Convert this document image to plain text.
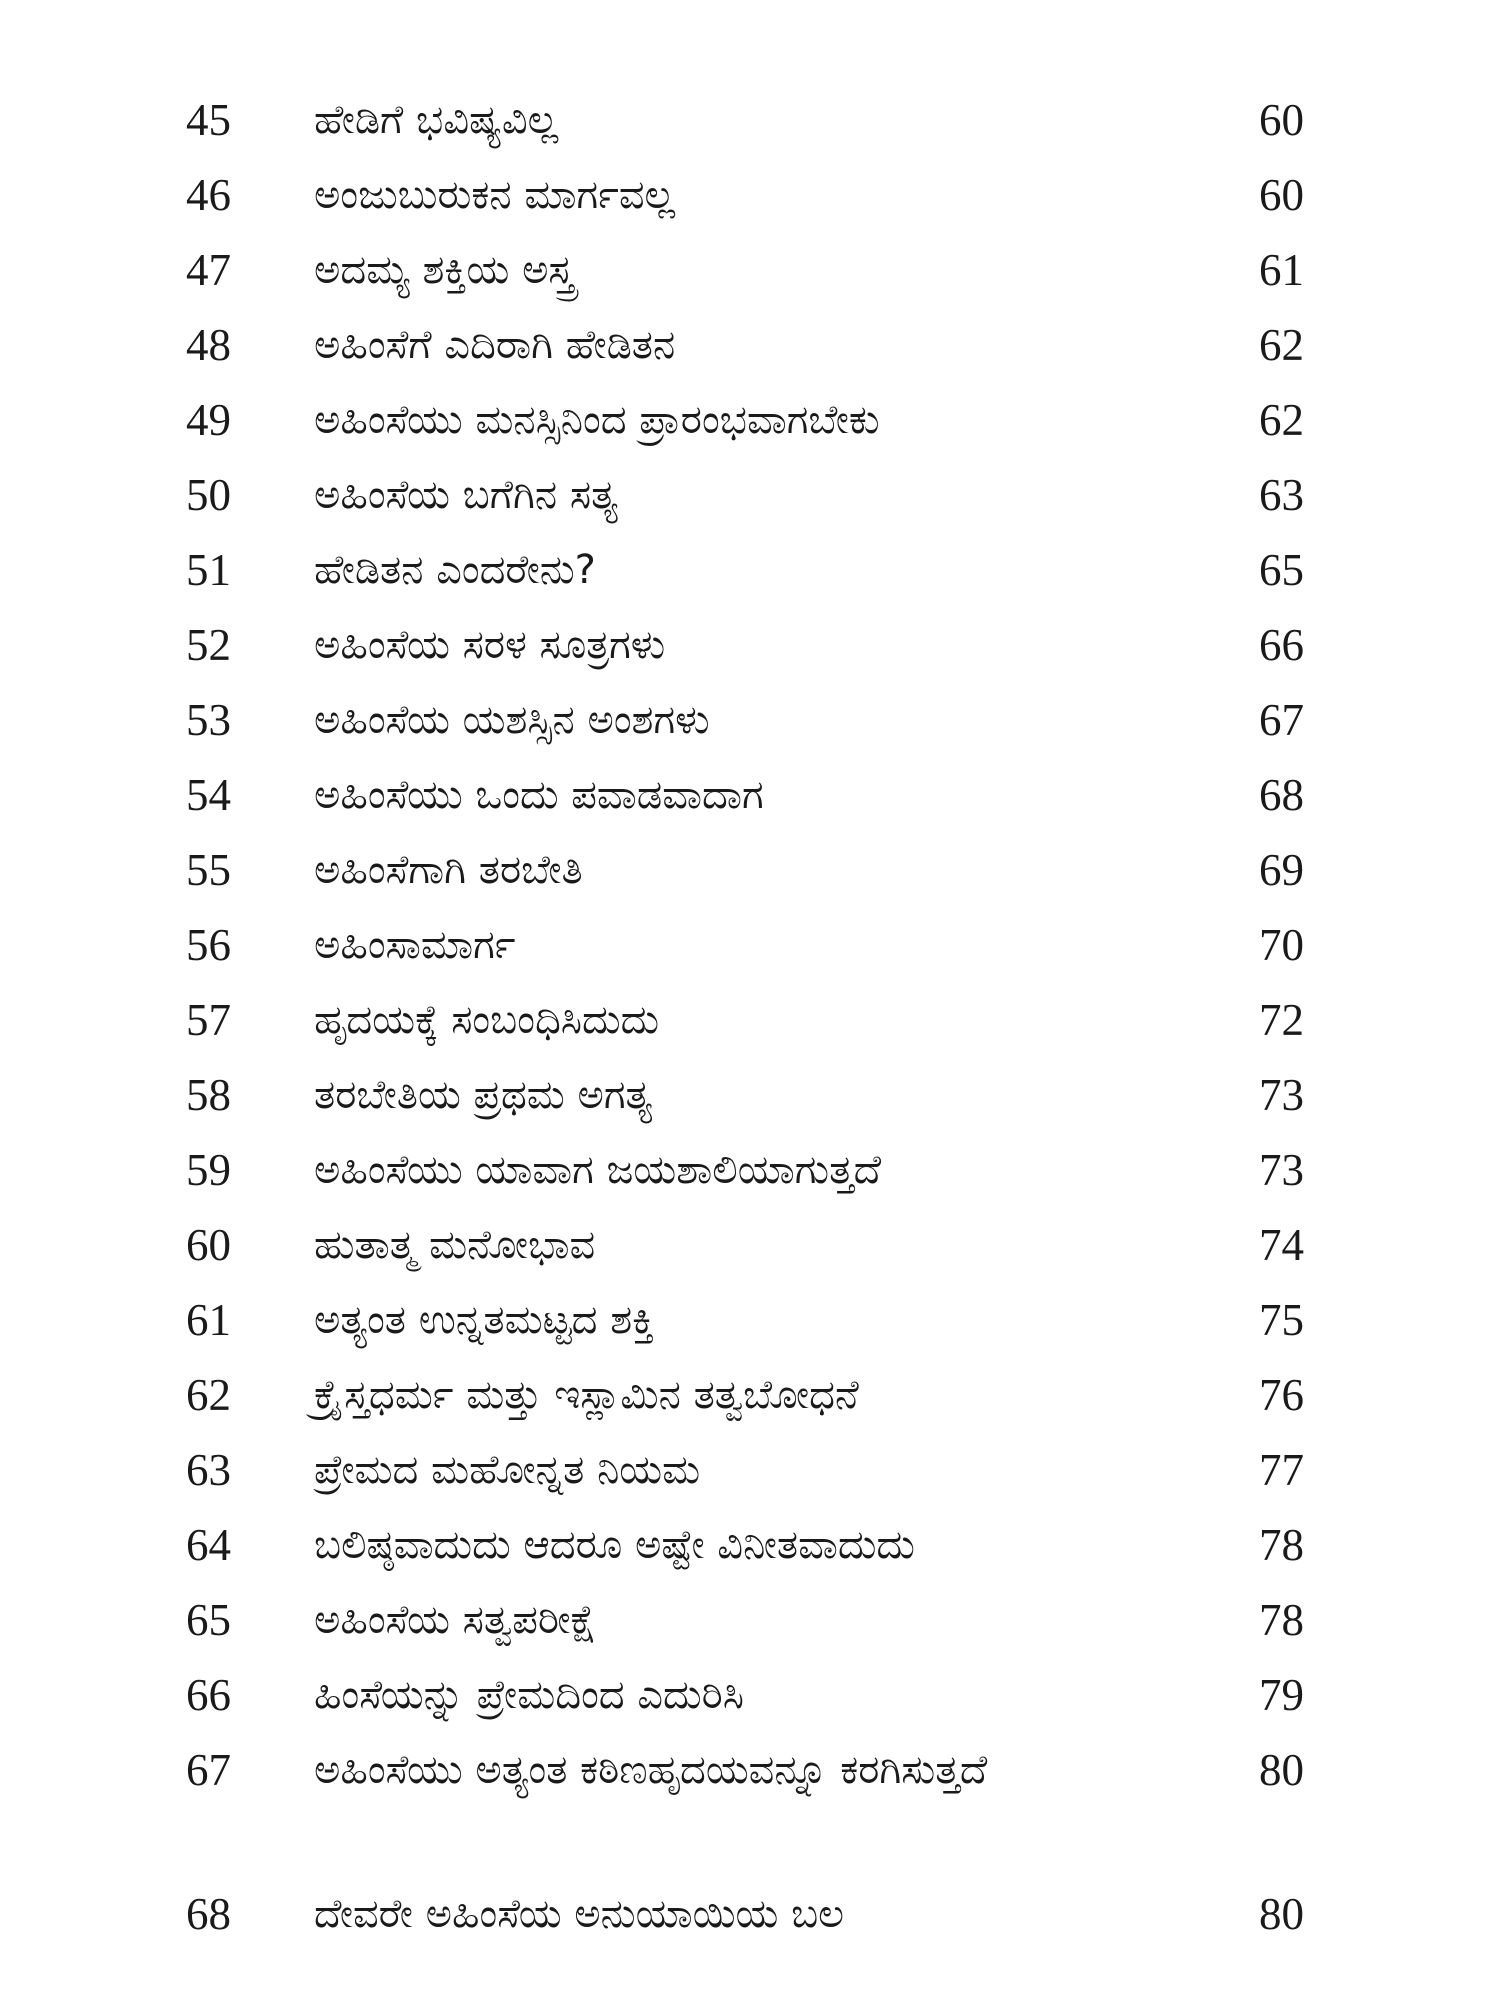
45	ಹೇಡಿಗೆ ಭವಿಷ್ಯವಿಲ್ಲ	60
46	ಅಂಜುಬುರುಕನ ಮಾರ್ಗವಲ್ಲ	60
47	ಅದಮ್ಯ ಶಕ್ತಿಯ ಅಸ್ತ್ರ	61
48	ಅಹಿಂಸೆಗೆ ಎದಿರಾಗಿ ಹೇಡಿತನ	62
49	ಅಹಿಂಸೆಯು ಮನಸ್ಸಿನಿಂದ ಪ್ರಾರಂಭವಾಗಬೇಕು	62
50	ಅಹಿಂಸೆಯ ಬಗೆಗಿನ ಸತ್ಯ	63
51	ಹೇಡಿತನ ಎಂದರೇನು?	65
52	ಅಹಿಂಸೆಯ ಸರಳ ಸೂತ್ರಗಳು	66
53	ಅಹಿಂಸೆಯ ಯಶಸ್ಸಿನ ಅಂಶಗಳು	67
54	ಅಹಿಂಸೆಯು ಒಂದು ಪವಾಡವಾದಾಗ	68
55	ಅಹಿಂಸೆಗಾಗಿ ತರಬೇತಿ	69
56	ಅಹಿಂಸಾಮಾರ್ಗ	70
57	ಹೃದಯಕ್ಕೆ ಸಂಬಂಧಿಸಿದುದು	72
58	ತರಬೇತಿಯ ಪ್ರಥಮ ಅಗತ್ಯ	73
59	ಅಹಿಂಸೆಯು ಯಾವಾಗ ಜಯಶಾಲಿಯಾಗುತ್ತದೆ	73
60	ಹುತಾತ್ಮ ಮನೋಭಾವ	74
61	ಅತ್ಯಂತ ಉನ್ನತಮಟ್ಟದ ಶಕ್ತಿ	75
62	ಕ್ರೈಸ್ತಧರ್ಮ ಮತ್ತು ಇಸ್ಲಾಮಿನ ತತ್ವಬೋಧನೆ	76
63	ಪ್ರೇಮದ ಮಹೋನ್ನತ ನಿಯಮ	77
64	ಬಲಿಷ್ಠವಾದುದು ಆದರೂ ಅಷ್ಟೇ ವಿನೀತವಾದುದು	78
65	ಅಹಿಂಸೆಯ ಸತ್ವಪರೀಕ್ಷೆ	78
66	ಹಿಂಸೆಯನ್ನು ಪ್ರೇಮದಿಂದ ಎದುರಿಸಿ	79
67	ಅಹಿಂಸೆಯು ಅತ್ಯಂತ ಕಠಿಣಹೃದಯವನ್ನೂ ಕರಗಿಸುತ್ತದೆ	80
68	ದೇವರೇ ಅಹಿಂಸೆಯ ಅನುಯಾಯಿಯ ಬಲ	80
